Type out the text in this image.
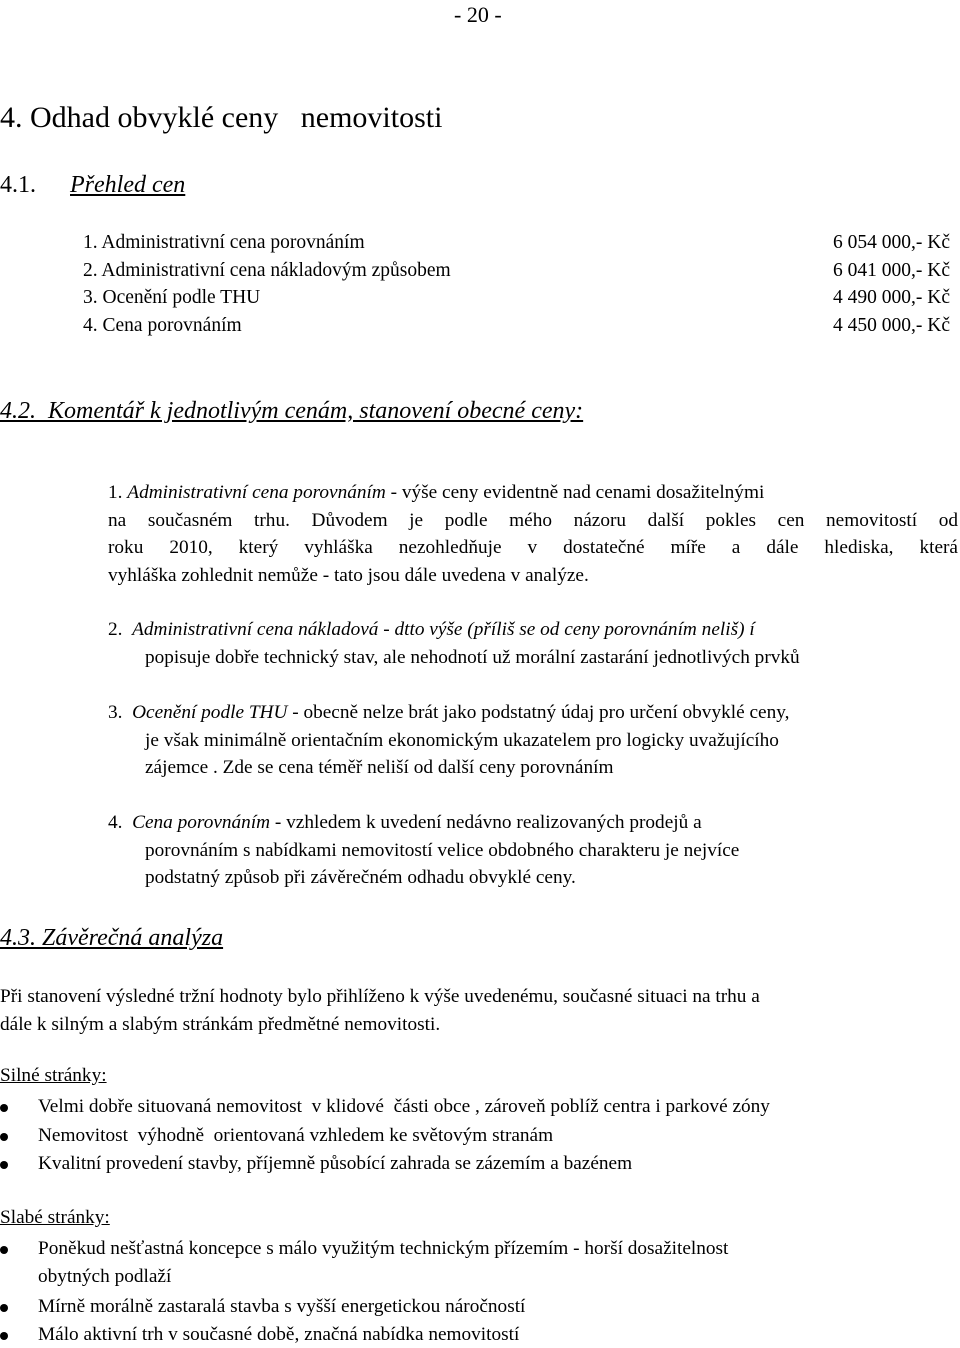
- 20 -
4. Odhad obvyklé ceny   nemovitosti
4.1. Přehled cen
1. Administrativní cena porovnáním	6 054 000,- Kč
2. Administrativní cena nákladovým způsobem	6 041 000,- Kč
3. Ocenění podle THU	4 490 000,- Kč
4. Cena porovnáním	4 450 000,- Kč
4.2.  Komentář k jednotlivým cenám, stanovení obecné ceny:
1. Administrativní cena porovnáním - výše ceny evidentně nad cenami dosažitelnými
na současném trhu. Důvodem je podle mého názoru další pokles cen nemovitostí od
roku 2010, který vyhláška nezohledňuje v dostatečné míře a dále hlediska, která
vyhláška zohlednit nemůže - tato jsou dále uvedena v analýze.
2. Administrativní cena nákladová - dtto výše (příliš se od ceny porovnáním neliš) í
popisuje dobře technický stav, ale nehodnotí už morální zastarání jednotlivých prvků
3. Ocenění podle THU - obecně nelze brát jako podstatný údaj pro určení obvyklé ceny,
je však minimálně orientačním ekonomickým ukazatelem pro logicky uvažujícího
zájemce . Zde se cena téměř neliší od další ceny porovnáním
4. Cena porovnáním - vzhledem k uvedení nedávno realizovaných prodejů a
porovnáním s nabídkami nemovitostí velice obdobného charakteru je nejvíce
podstatný způsob při závěrečném odhadu obvyklé ceny.
4.3. Závěrečná analýza
Při stanovení výsledné tržní hodnoty bylo přihlíženo k výše uvedenému, současné situaci na trhu a
dále k silným a slabým stránkám předmětné nemovitosti.
Silné stránky:
Velmi dobře situovaná nemovitost  v klidové  části obce , zároveň poblíž centra i parkové zóny
Nemovitost  výhodně  orientovaná vzhledem ke světovým stranám
Kvalitní provedení stavby, příjemně působící zahrada se zázemím a bazénem
Slabé stránky:
Poněkud nešťastná koncepce s málo využitým technickým přízemím - horší dosažitelnost
obytných podlaží
Mírně morálně zastaralá stavba s vyšší energetickou náročností
Málo aktivní trh v současné době, značná nabídka nemovitostí
